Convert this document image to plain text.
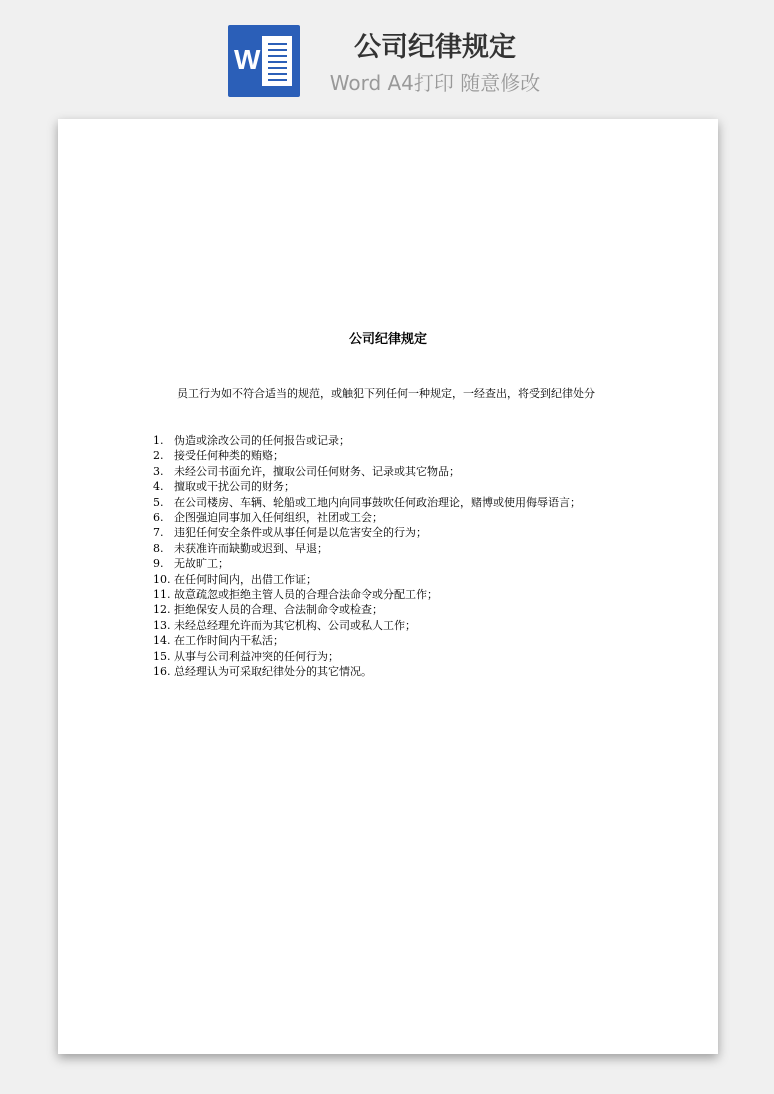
W	公司纪律规定
Word A4打印 随意修改
公司纪律规定

员工行为如不符合适当的规范，或触犯下列任何一种规定，一经查出，将受到纪律处分

1. 伪造或涂改公司的任何报告或记录；
2. 接受任何种类的贿赂；
3. 未经公司书面允许，擅取公司任何财务、记录或其它物品；
4. 擅取或干扰公司的财务；
5. 在公司楼房、车辆、轮船或工地内向同事鼓吹任何政治理论，赌博或使用侮辱语言；
6. 企图强迫同事加入任何组织，社团或工会；
7. 违犯任何安全条件或从事任何是以危害安全的行为；
8. 未获准许而缺勤或迟到、早退；
9. 无故旷工；
10. 在任何时间内，出借工作证；
11. 故意疏忽或拒绝主管人员的合理合法命令或分配工作；
12. 拒绝保安人员的合理、合法制命令或检查；
13. 未经总经理允许而为其它机构、公司或私人工作；
14. 在工作时间内干私活；
15. 从事与公司利益冲突的任何行为；
16. 总经理认为可采取纪律处分的其它情况。
